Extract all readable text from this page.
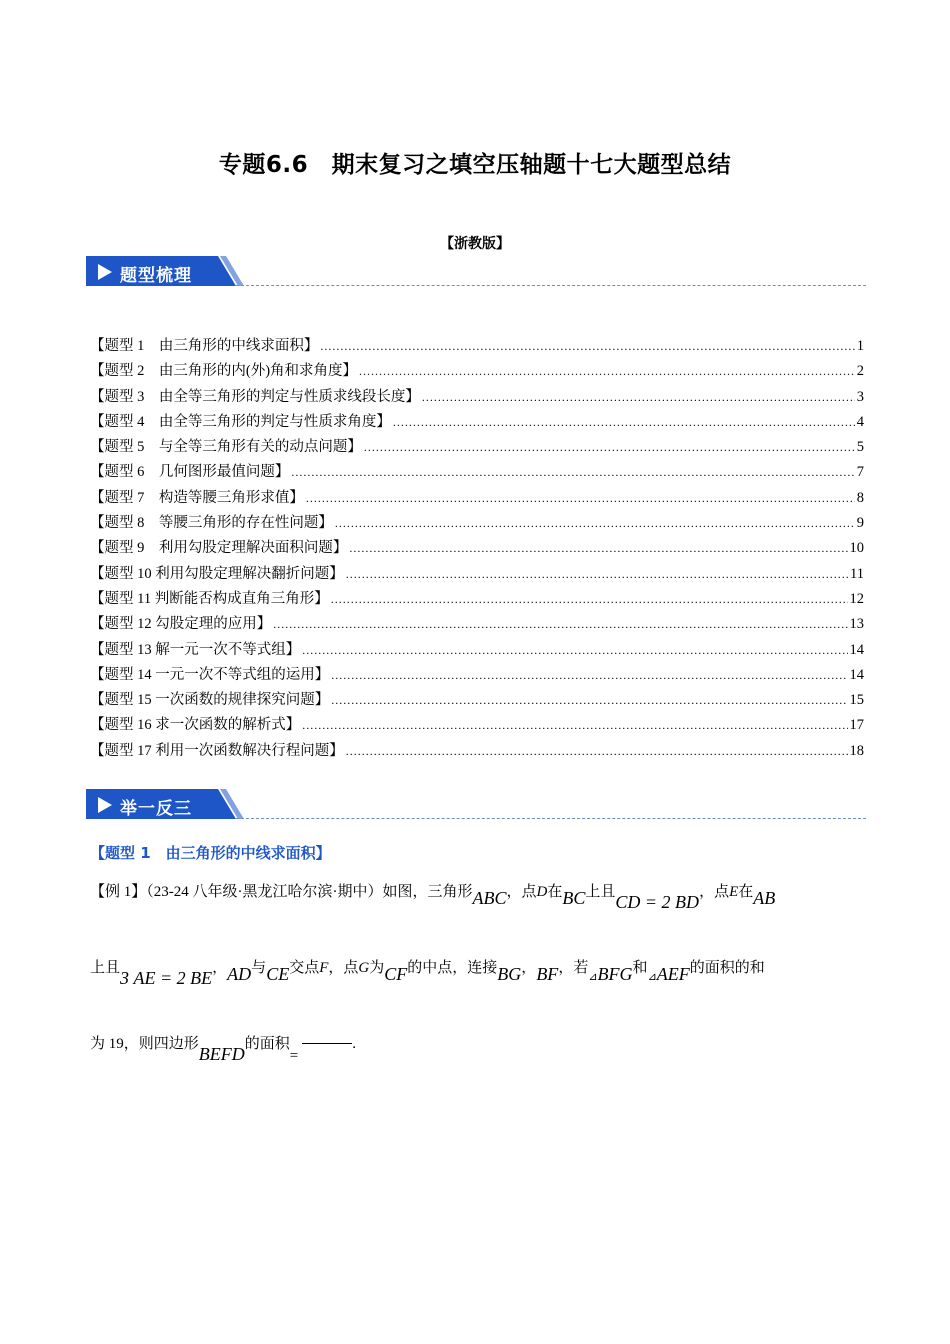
专题6.6　期末复习之填空压轴题十七大题型总结
【浙教版】
题型梳理
【题型 1　由三角形的中线求面积】 .....	1
【题型 2　由三角形的内(外)角和求角度】 .....	2
【题型 3　由全等三角形的判定与性质求线段长度】 .....	3
【题型 4　由全等三角形的判定与性质求角度】 .....	4
【题型 5　与全等三角形有关的动点问题】 .....	5
【题型 6　几何图形最值问题】 .....	7
【题型 7　构造等腰三角形求值】 .....	8
【题型 8　等腰三角形的存在性问题】 .....	9
【题型 9　利用勾股定理解决面积问题】 .....	10
【题型 10 利用勾股定理解决翻折问题】 .....	11
【题型 11 判断能否构成直角三角形】 .....	12
【题型 12 勾股定理的应用】 .....	13
【题型 13 解一元一次不等式组】 .....	14
【题型 14 一元一次不等式组的运用】 .....	14
【题型 15 一次函数的规律探究问题】 .....	15
【题型 16 求一次函数的解析式】 .....	17
【题型 17 利用一次函数解决行程问题】 .....	18
举一反三
【题型 1　由三角形的中线求面积】
【例 1】（23-24 八年级·黑龙江哈尔滨·期中）如图，三角形ABC，点D在BC上且CD = 2 BD，点E在AB
上且3 AE = 2 BE，AD与CE交点F，点G为CF的中点，连接BG，BF，若$_⊿$BFG和$_⊿$AEF的面积的和
为 19，则四边形BEFD的面积=.
